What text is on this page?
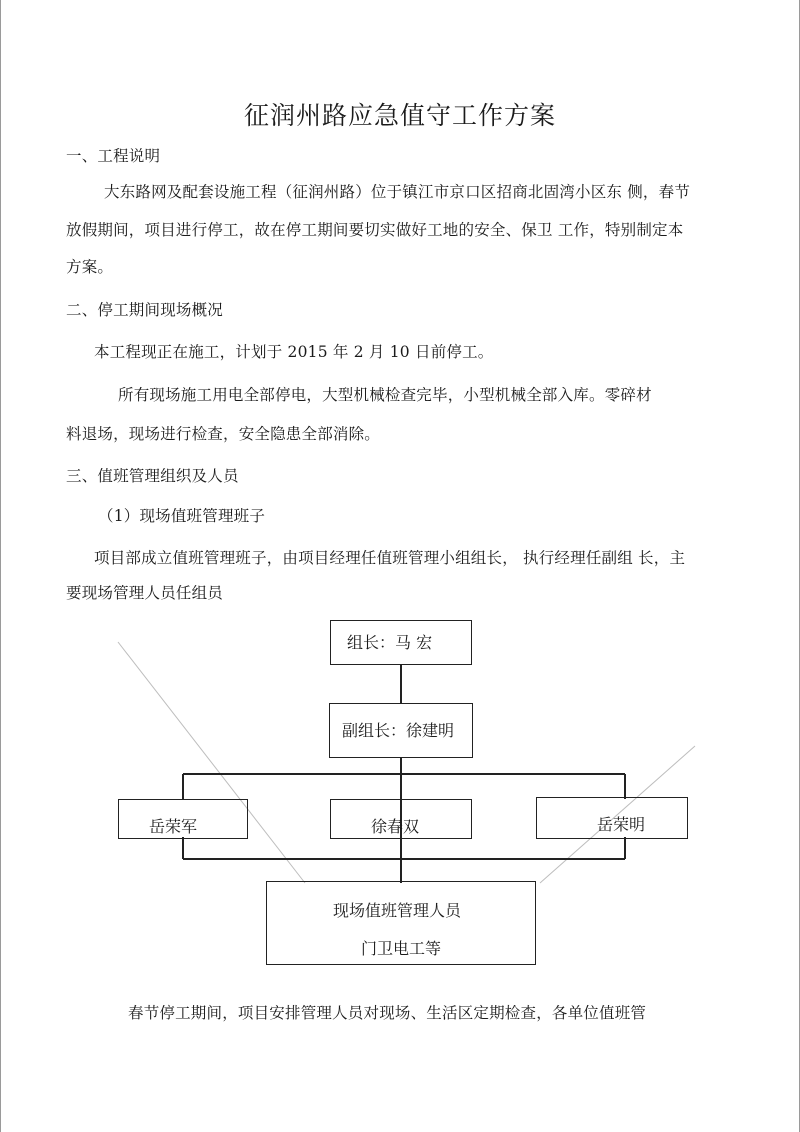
征润州路应急值守工作方案
一、工程说明
大东路网及配套设施工程（征润州路）位于镇江市京口区招商北固湾小区东 侧，春节
放假期间，项目进行停工，故在停工期间要切实做好工地的安全、保卫 工作，特别制定本
方案。
二、停工期间现场概况
本工程现正在施工，计划于 2015 年 2 月 10 日前停工。
所有现场施工用电全部停电，大型机械检查完毕，小型机械全部入库。零碎材
料退场，现场进行检查，安全隐患全部消除。
三、值班管理组织及人员
（1）现场值班管理班子
项目部成立值班管理班子，由项目经理任值班管理小组组长， 执行经理任副组 长，主
要现场管理人员任组员
组长：马 宏
副组长：徐建明
岳荣军	徐春双	岳荣明
现场值班管理人员
门卫电工等
春节停工期间，项目安排管理人员对现场、生活区定期检查，各单位值班管
